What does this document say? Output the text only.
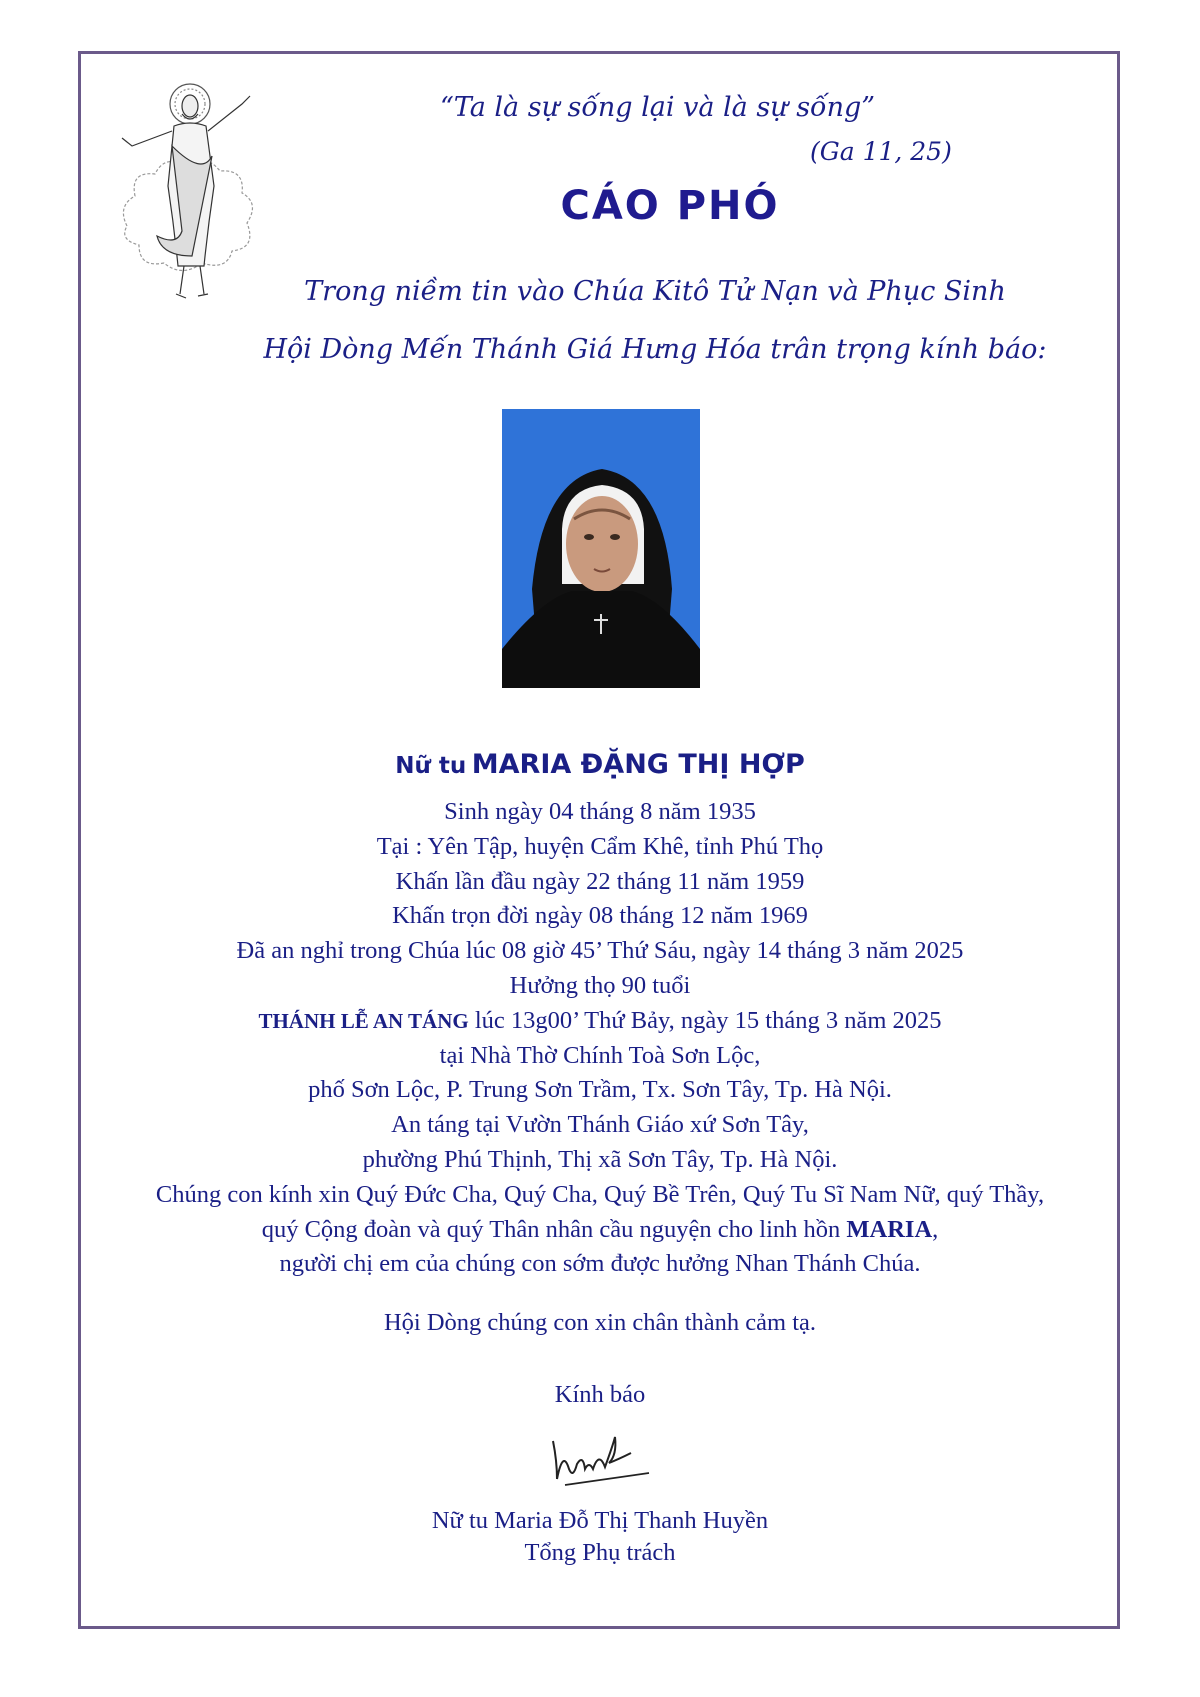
“Ta là sự sống lại và là sự sống”
(Ga 11, 25)
CÁO PHÓ
Trong niềm tin vào Chúa Kitô Tử Nạn và Phục Sinh
Hội Dòng Mến Thánh Giá Hưng Hóa trân trọng kính báo:
Nữ tu MARIA ĐẶNG THỊ HỢP
Sinh ngày 04 tháng 8 năm 1935
Tại : Yên Tập, huyện Cẩm Khê, tỉnh Phú Thọ
Khấn lần đầu ngày 22 tháng 11 năm 1959
Khấn trọn đời ngày 08 tháng 12 năm 1969
Đã an nghỉ trong Chúa lúc 08 giờ 45’ Thứ Sáu, ngày 14 tháng 3 năm 2025
Hưởng thọ 90 tuổi
THÁNH LỄ AN TÁNG lúc 13g00’ Thứ Bảy, ngày 15 tháng 3 năm 2025
tại Nhà Thờ Chính Toà Sơn Lộc,
phố Sơn Lộc, P. Trung Sơn Trầm, Tx. Sơn Tây, Tp. Hà Nội.
An táng tại Vườn Thánh Giáo xứ Sơn Tây,
phường Phú Thịnh, Thị xã Sơn Tây, Tp. Hà Nội.
Chúng con kính xin Quý Đức Cha, Quý Cha, Quý Bề Trên, Quý Tu Sĩ Nam Nữ, quý Thầy,
quý Cộng đoàn và quý Thân nhân cầu nguyện cho linh hồn MARIA,
người chị em của chúng con sớm được hưởng Nhan Thánh Chúa.
Hội Dòng chúng con xin chân thành cảm tạ.
Kính báo
Nữ tu Maria Đỗ Thị Thanh Huyền
Tổng Phụ trách
